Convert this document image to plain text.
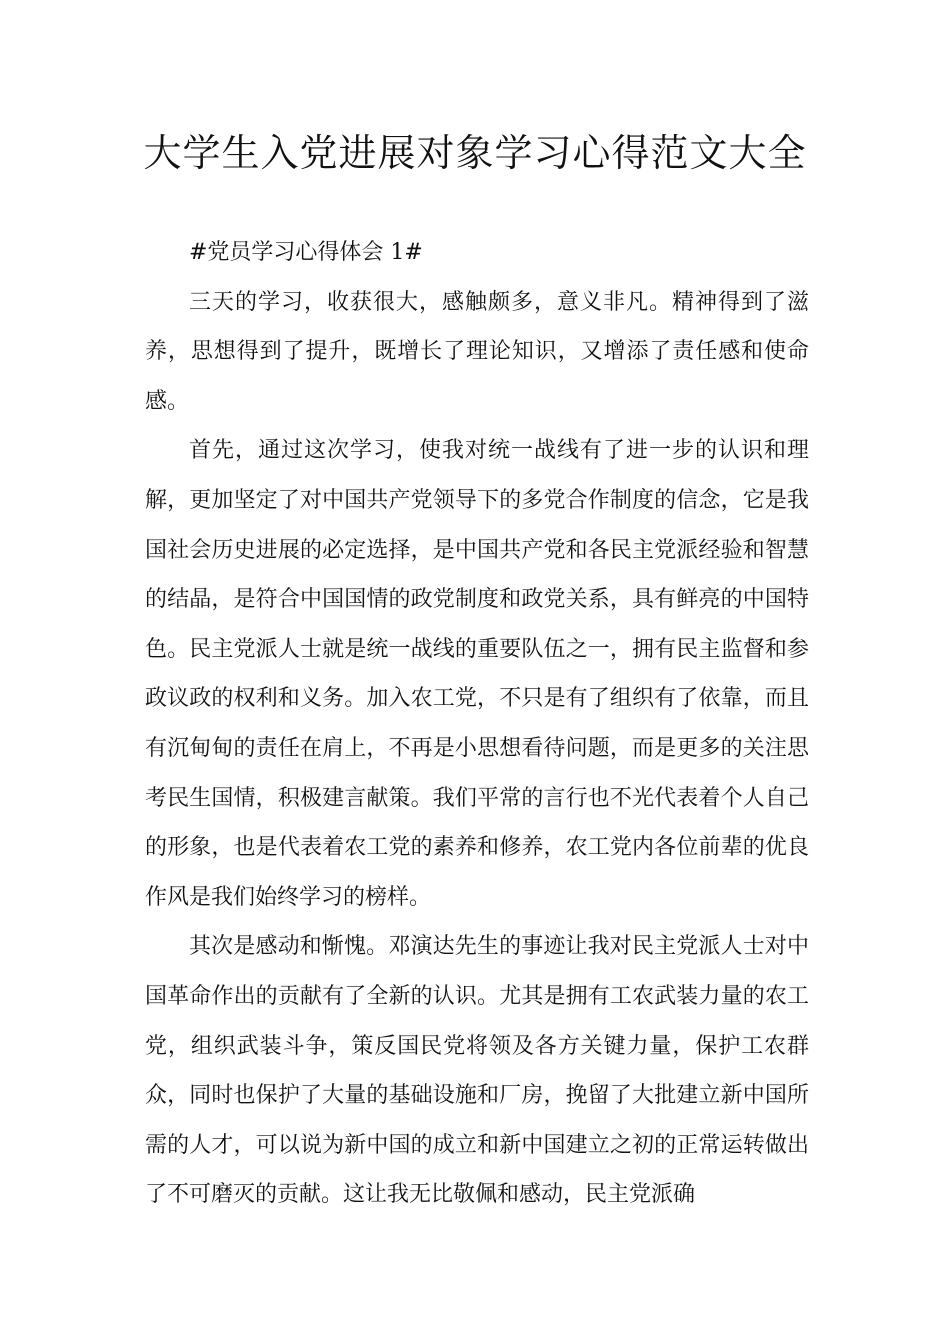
大学生入党进展对象学习心得范文大全

#党员学习心得体会 1#

三天的学习，收获很大，感触颇多，意义非凡。精神得到了滋养，思想得到了提升，既增长了理论知识，又增添了责任感和使命感。

首先，通过这次学习，使我对统一战线有了进一步的认识和理解，更加坚定了对中国共产党领导下的多党合作制度的信念，它是我国社会历史进展的必定选择，是中国共产党和各民主党派经验和智慧的结晶，是符合中国国情的政党制度和政党关系，具有鲜亮的中国特色。民主党派人士就是统一战线的重要队伍之一，拥有民主监督和参政议政的权利和义务。加入农工党，不只是有了组织有了依靠，而且有沉甸甸的责任在肩上，不再是小思想看待问题，而是更多的关注思考民生国情，积极建言献策。我们平常的言行也不光代表着个人自己的形象，也是代表着农工党的素养和修养，农工党内各位前辈的优良作风是我们始终学习的榜样。

其次是感动和惭愧。邓演达先生的事迹让我对民主党派人士对中国革命作出的贡献有了全新的认识。尤其是拥有工农武装力量的农工党，组织武装斗争，策反国民党将领及各方关键力量，保护工农群众，同时也保护了大量的基础设施和厂房，挽留了大批建立新中国所需的人才，可以说为新中国的成立和新中国建立之初的正常运转做出了不可磨灭的贡献。这让我无比敬佩和感动，民主党派确
